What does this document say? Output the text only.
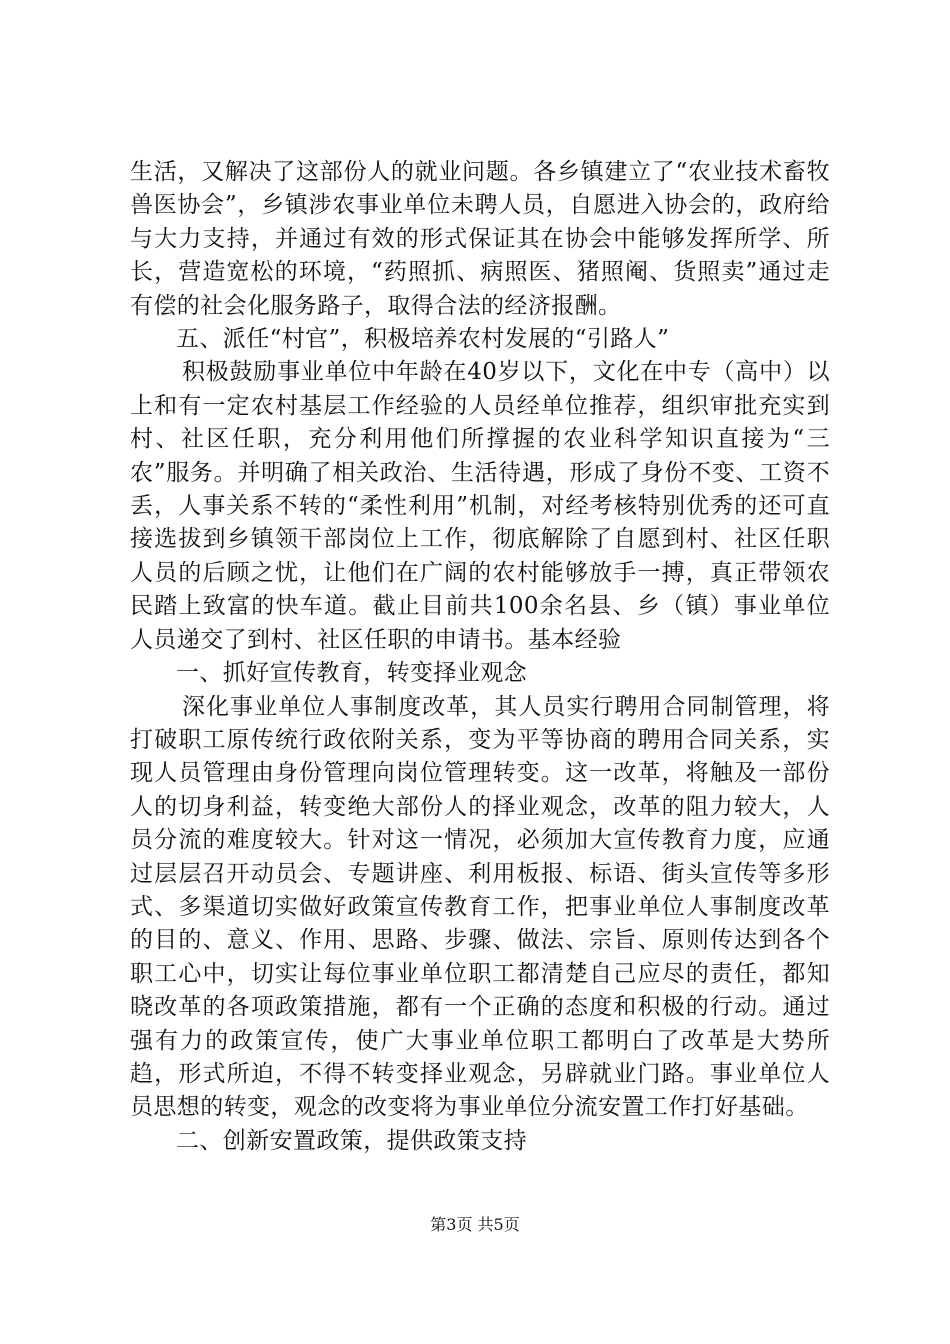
生活，又解决了这部份人的就业问题。各乡镇建立了“农业技术畜牧兽医协会”，乡镇涉农事业单位未聘人员，自愿进入协会的，政府给与大力支持，并通过有效的形式保证其在协会中能够发挥所学、所长，营造宽松的环境，“药照抓、病照医、猪照阉、货照卖”通过走有偿的社会化服务路子，取得合法的经济报酬。

五、派任“村官”，积极培养农村发展的“引路人”

积极鼓励事业单位中年龄在40岁以下，文化在中专（高中）以上和有一定农村基层工作经验的人员经单位推荐，组织审批充实到村、社区任职，充分利用他们所撑握的农业科学知识直接为“三农”服务。并明确了相关政治、生活待遇，形成了身份不变、工资不丢，人事关系不转的“柔性利用”机制，对经考核特别优秀的还可直接选拔到乡镇领干部岗位上工作，彻底解除了自愿到村、社区任职人员的后顾之忧，让他们在广阔的农村能够放手一搏，真正带领农民踏上致富的快车道。截止目前共100余名县、乡（镇）事业单位人员递交了到村、社区任职的申请书。基本经验

一、抓好宣传教育，转变择业观念

深化事业单位人事制度改革，其人员实行聘用合同制管理，将打破职工原传统行政依附关系，变为平等协商的聘用合同关系，实现人员管理由身份管理向岗位管理转变。这一改革，将触及一部份人的切身利益，转变绝大部份人的择业观念，改革的阻力较大，人员分流的难度较大。针对这一情况，必须加大宣传教育力度，应通过层层召开动员会、专题讲座、利用板报、标语、街头宣传等多形式、多渠道切实做好政策宣传教育工作，把事业单位人事制度改革的目的、意义、作用、思路、步骤、做法、宗旨、原则传达到各个职工心中，切实让每位事业单位职工都清楚自己应尽的责任，都知晓改革的各项政策措施，都有一个正确的态度和积极的行动。通过强有力的政策宣传，使广大事业单位职工都明白了改革是大势所趋，形式所迫，不得不转变择业观念，另辟就业门路。事业单位人员思想的转变，观念的改变将为事业单位分流安置工作打好基础。

二、创新安置政策，提供政策支持

第3页 共5页
